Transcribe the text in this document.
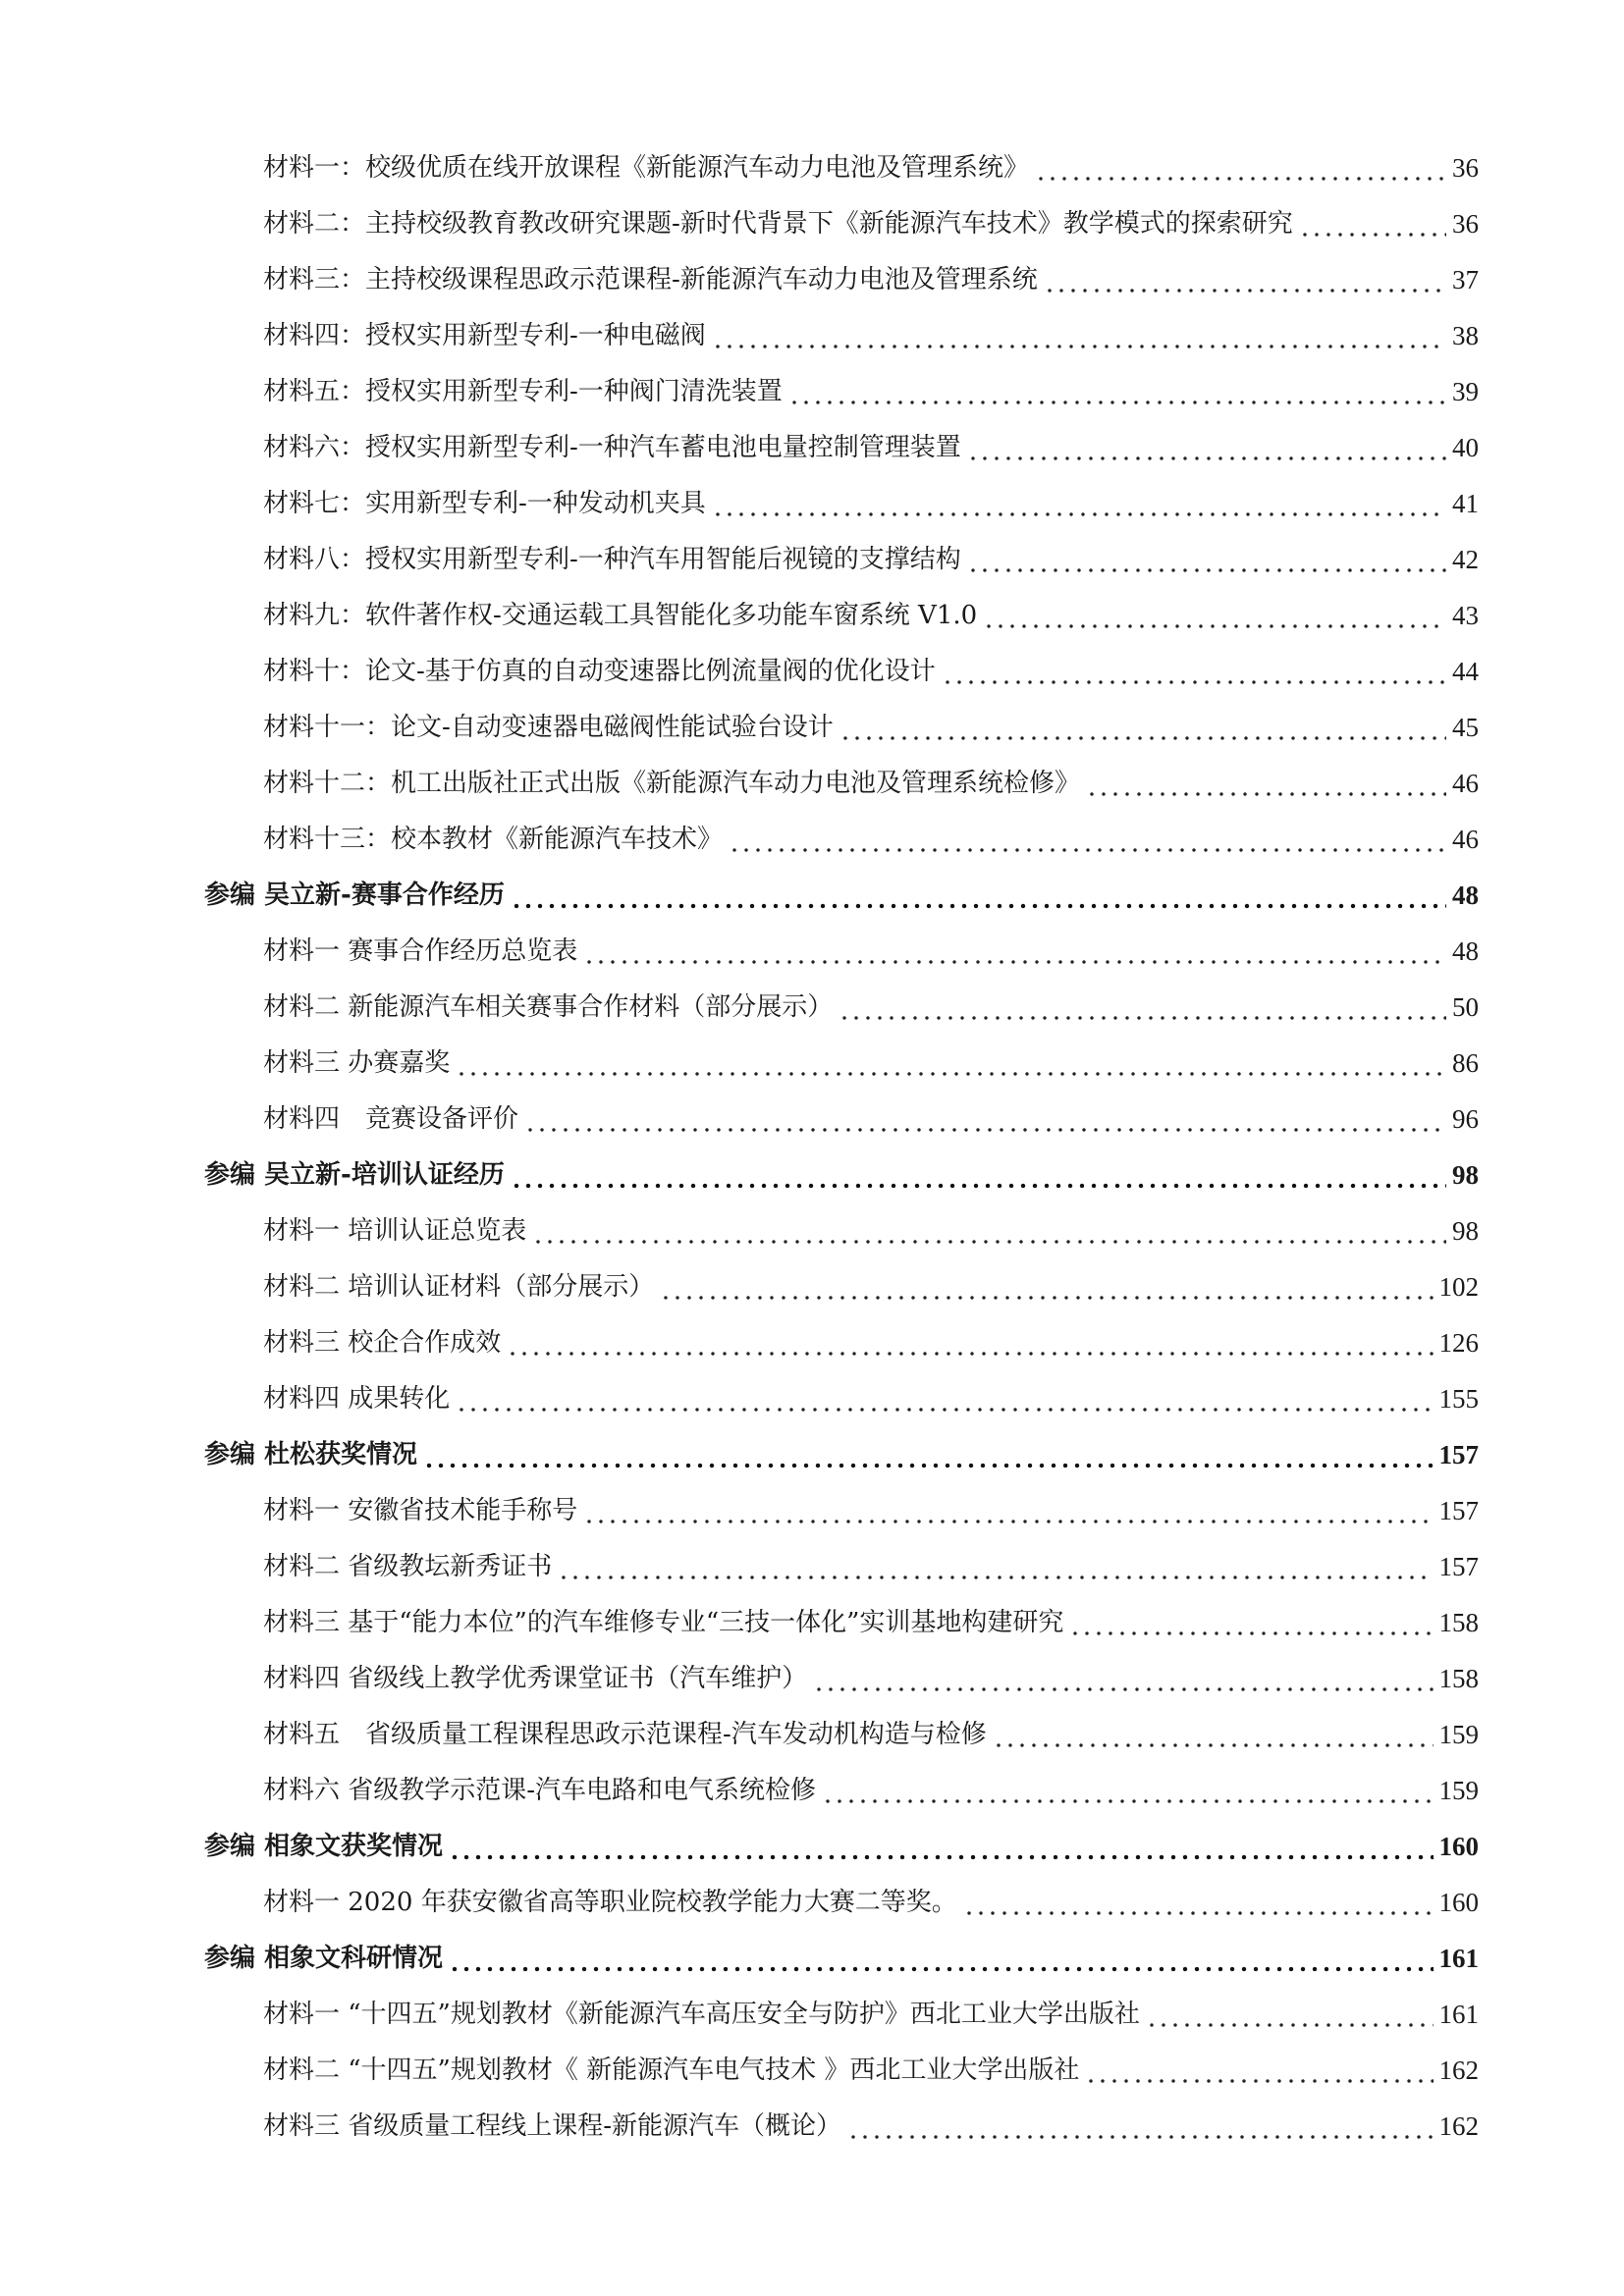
材料一：校级优质在线开放课程《新能源汽车动力电池及管理系统》	36
材料二：主持校级教育教改研究课题-新时代背景下《新能源汽车技术》教学模式的探索研究	36
材料三：主持校级课程思政示范课程-新能源汽车动力电池及管理系统	37
材料四：授权实用新型专利-一种电磁阀	38
材料五：授权实用新型专利-一种阀门清洗装置	39
材料六：授权实用新型专利-一种汽车蓄电池电量控制管理装置	40
材料七：实用新型专利-一种发动机夹具	41
材料八：授权实用新型专利-一种汽车用智能后视镜的支撑结构	42
材料九：软件著作权-交通运载工具智能化多功能车窗系统 V1.0	43
材料十：论文-基于仿真的自动变速器比例流量阀的优化设计	44
材料十一：论文-自动变速器电磁阀性能试验台设计	45
材料十二：机工出版社正式出版《新能源汽车动力电池及管理系统检修》	46
材料十三：校本教材《新能源汽车技术》	46
参编 吴立新-赛事合作经历	48
材料一 赛事合作经历总览表	48
材料二 新能源汽车相关赛事合作材料（部分展示）	50
材料三 办赛嘉奖	86
材料四　竞赛设备评价	96
参编 吴立新-培训认证经历	98
材料一 培训认证总览表	98
材料二 培训认证材料（部分展示）	102
材料三 校企合作成效	126
材料四 成果转化	155
参编 杜松获奖情况	157
材料一 安徽省技术能手称号	157
材料二 省级教坛新秀证书	157
材料三 基于“能力本位”的汽车维修专业“三技一体化”实训基地构建研究	158
材料四 省级线上教学优秀课堂证书（汽车维护）	158
材料五　省级质量工程课程思政示范课程-汽车发动机构造与检修	159
材料六 省级教学示范课-汽车电路和电气系统检修	159
参编 相象文获奖情况	160
材料一 2020 年获安徽省高等职业院校教学能力大赛二等奖。	160
参编 相象文科研情况	161
材料一 “十四五”规划教材《新能源汽车高压安全与防护》西北工业大学出版社	161
材料二 “十四五”规划教材《 新能源汽车电气技术 》西北工业大学出版社	162
材料三 省级质量工程线上课程-新能源汽车（概论）	162
